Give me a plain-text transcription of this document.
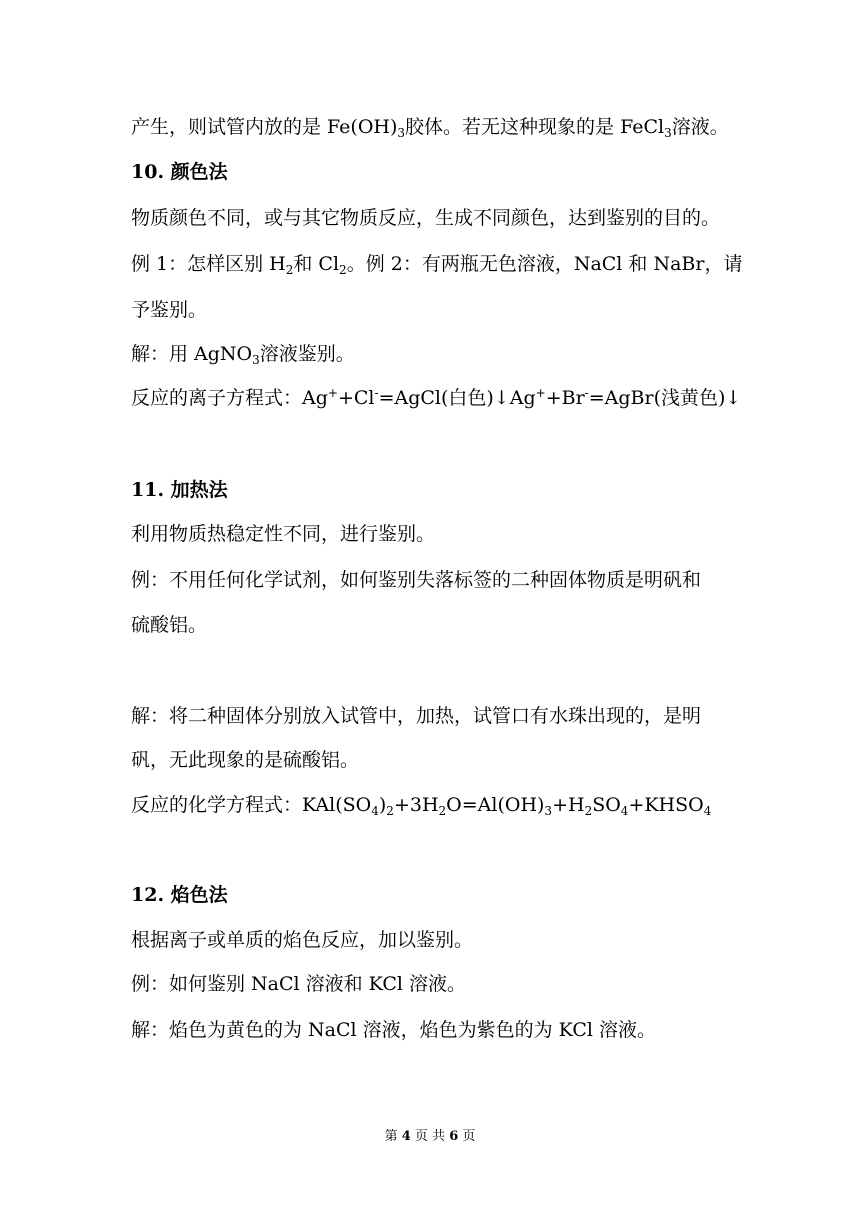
产生，则试管内放的是 $Fe(OH)_3$胶体。若无这种现象的是 FeCl$_3$溶液。
10. 颜色法
物质颜色不同，或与其它物质反应，生成不同颜色，达到鉴别的目的。
例 1：怎样区别 $H_2$和 $Cl_2$。例 2：有两瓶无色溶液，NaCl 和 NaBr，请
予鉴别。
解：用 AgNO$_3$溶液鉴别。
反应的离子方程式：Ag++Cl-=AgCl(白色)↓Ag++Br-=AgBr(浅黄色)↓
11. 加热法
利用物质热稳定性不同，进行鉴别。
例：不用任何化学试剂，如何鉴别失落标签的二种固体物质是明矾和
硫酸铝。
解：将二种固体分别放入试管中，加热，试管口有水珠出现的，是明
矾，无此现象的是硫酸铝。
反应的化学方程式：$KAl(SO_4)_2+3H_2O=Al(OH)_3+H_2SO_4+KHSO_4$
12. 焰色法
根据离子或单质的焰色反应，加以鉴别。
例：如何鉴别 NaCl 溶液和 KCl 溶液。
解：焰色为黄色的为 NaCl 溶液，焰色为紫色的为 KCl 溶液。
第 4 页 共 6 页
